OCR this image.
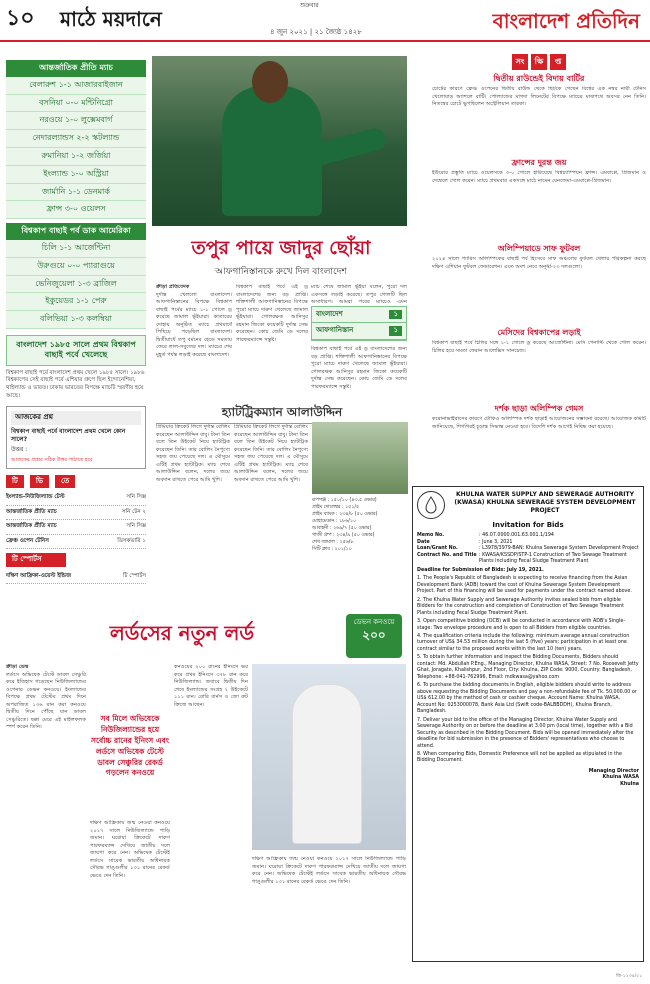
১০ মাঠে ময়দানে
শুক্রবার
৪ জুন ২০২১ | ২১ জ্যৈষ্ঠ ১৪২৮	বাংলাদেশ প্রতিদিন
আন্তর্জাতিক প্রীতি ম্যাচ
বেলারুশ ১-১ আজারবাইজান
বসনিয়া ০-০ মন্টিনিগ্রো
নরওয়ে ১-০ লুক্সেমবার্গ
নেদারল্যান্ডস ২-২ স্কটল্যান্ড
রুমানিয়া ১-২ জর্জিয়া
ইংল্যান্ড ১-০ অস্ট্রিয়া
জার্মানি ১-১ ডেনমার্ক
ফ্রান্স ৩-০ ওয়েলস
বিশ্বকাপ বাছাই পর্ব ডাক আমেরিকা
চিলি ১-১ আর্জেন্টিনা
উরুগুয়ে ০-০ প্যারাগুয়ে
ভেনিজুয়েলা ১-৩ ব্রাজিল
ইকুয়েডর ১-১ পেরু
বলিভিয়া ১-৩ কলম্বিয়া
বাংলাদেশ ১৯৮৫ সালে প্রথম বিশ্বকাপ বাছাই পর্বে খেলেছে
বিশ্বকাপ বাছাই পর্বে বাংলাদেশ প্রথম খেলে ১৯৮৫ সালে। ১৯৮৬ বিশ্বকাপের সেই বাছাই পর্বে এশিয়ার গ্রুপে ছিল ইন্দোনেশিয়া, থাইল্যান্ড ও ভারত। ঢাকায় ভারতের বিপক্ষে ম্যাচটি স্মরণীয় হয়ে আছে।
আজকের প্রশ্ন
বিশ্বকাপ বাছাই পর্বে বাংলাদেশ প্রথম খেলে কোন সালে?
উত্তর :
আজকের প্রশ্নের সঠিক উত্তর পাঠাতে হবে
টি	ভি	তে
ইংল্যান্ড-নিউজিল্যান্ড টেস্ট	সনি সিক্স
আন্তর্জাতিক প্রীতি ম্যাচ	সনি টেন ২
আন্তর্জাতিক প্রীতি ম্যাচ	সনি সিক্স
ফ্রেঞ্চ ওপেন টেনিস	ডিসকভারি ১
টি স্পোর্টস
দক্ষিণ আফ্রিকা-ওয়েস্ট ইন্ডিজ	টি স্পোর্টস
তপুর পায়ে জাদুর ছোঁয়া
আফগানিস্তানকে রুখে দিল বাংলাদেশ
ক্রীড়া প্রতিবেদক
দুর্দান্ত খেললো বাংলাদেশ। আফগানিস্তানের বিপক্ষে বিশ্বকাপ বাছাই পর্বের ম্যাচে ১-১ গোলে ড্র করেছে জামাল ভূঁইয়ারা। কাতারের দোহায় অনুষ্ঠিত ম্যাচে প্রথমার্ধে পিছিয়ে পড়েছিল বাংলাদেশ। দ্বিতীয়ার্ধে তপু বর্মনের হেডে সমতায় ফেরে লাল-সবুজের দল। ম্যাচের শেষ মুহূর্ত পর্যন্ত লড়াই করেছে বাংলাদেশ।
বিশ্বকাপ বাছাই পর্বে এই ড্র বাংলাদেশের জন্য বড় প্রাপ্তি। শক্তিশালী আফগানিস্তানের বিপক্ষে পুরো ম্যাচে দারুণ খেলেছে জামাল ভূঁইয়ারা। গোলরক্ষক আনিসুর রহমান জিকো কয়েকটি দুর্দান্ত সেভ করেছেন। কোচ জেমি ডে দলের পারফরম্যান্সে সন্তুষ্ট।
ম্যাচ শেষে জামাল ভূঁইয়া বলেন, পুরো দল একসঙ্গে লড়াই করেছে। তপুর গোলটি ছিল অসাধারণ। আমরা পরের ম্যাচেও এমন
বাংলাদেশ	১
আফগানিস্তান	১
বিশ্বকাপ বাছাই পর্বে এই ড্র বাংলাদেশের জন্য বড় প্রাপ্তি। শক্তিশালী আফগানিস্তানের বিপক্ষে পুরো ম্যাচে দারুণ খেলেছে জামাল ভূঁইয়ারা। গোলরক্ষক আনিসুর রহমান জিকো কয়েকটি দুর্দান্ত সেভ করেছেন। কোচ জেমি ডে দলের পারফরম্যান্সে সন্তুষ্ট।
হ্যাটট্রিকম্যান আলাউদ্দিন
প্রিমিয়ার ক্রিকেট লিগে দুর্দান্ত বোলিং করেছেন আলাউদ্দিন বাবু। টানা তিন বলে তিন উইকেট নিয়ে হ্যাটট্রিক করেছেন তিনি। তার বোলিং নৈপুণ্যে সহজ জয় পেয়েছে দল। এ মৌসুমে এটিই প্রথম হ্যাটট্রিক। ম্যাচ শেষে আলাউদ্দিন বলেন, দলের জয়ে অবদান রাখতে পেরে আমি খুশি।
প্রিমিয়ার ক্রিকেট লিগে দুর্দান্ত বোলিং করেছেন আলাউদ্দিন বাবু। টানা তিন বলে তিন উইকেট নিয়ে হ্যাটট্রিক করেছেন তিনি। তার বোলিং নৈপুণ্যে সহজ জয় পেয়েছে দল। এ মৌসুমে এটিই প্রথম হ্যাটট্রিক। ম্যাচ শেষে আলাউদ্দিন বলেন, দলের জয়ে অবদান রাখতে পেরে আমি খুশি।
রূপগঞ্জ : ১৫০/১০ (৪৩.৫ ওভার)
প্রাইম দোলেশ্বর : ১৫১/৫
প্রাইম ব্যাংক : ২৩৪/৮ (৫০ ওভার)
মোহামেডান : ১৮৬/১০
আবাহনী : ২৬৯/৭ (৫০ ওভার)
গাজী গ্রুপ : ২৩৪/৯ (৫০ ওভার)
শেখ জামাল : ২৫৬/৮
সিটি ক্লাব : ২০১/১০
সং	ক্ষি	প্ত
দ্বিতীয় রাউন্ডেই বিদায় বার্টির
চোটের কারণে ফ্রেঞ্চ ওপেনের দ্বিতীয় রাউন্ড থেকে ছিটকে গেছেন বিশ্বের এক নম্বর নারী টেনিস খেলোয়াড় অ্যাশলে বার্টি। পোল্যান্ডের মাগদা লিনেটের বিপক্ষে ম্যাচের মাঝপথে অবসর নেন তিনি। নিতম্বের চোটে ভুগছিলেন অস্ট্রেলিয়ান তারকা।
ফ্রান্সের দুরন্ত জয়
ইউরোর প্রস্তুতি ম্যাচে ওয়েলসকে ৩-০ গোলে হারিয়েছে বিশ্বচ্যাম্পিয়ন ফ্রান্স। এমবাপ্পে, গ্রিজমান ও দেম্বেলে গোল করেন। ম্যাচে প্রথমবার একসঙ্গে মাঠে নামেন বেনজেমা-এমবাপ্পে-গ্রিজমান।
অলিম্পিয়াডে সাফ ফুটবল
২০২৪ সালে প্যারিস অলিম্পিকের বাছাই পর্ব হিসেবে সাফ অঞ্চলের ফুটবল খেলার পরিকল্পনা করছে দক্ষিণ এশিয়ান ফুটবল ফেডারেশন। এতে অংশ নেবে অনূর্ধ্ব-২৩ দলগুলো।
মেসিদের বিশ্বকাপের লড়াই
বিশ্বকাপ বাছাই পর্বে চিলির সঙ্গে ১-১ গোলে ড্র করেছে আর্জেন্টিনা। মেসি পেনাল্টি থেকে গোল করেন। চিলির হয়ে সমতা ফেরান আলেক্সিস সানচেজ।
দর্শক ছাড়া অলিম্পিক গেমস
করোনাভাইরাসের কারণে টোকিও অলিম্পিক দর্শক ছাড়াই আয়োজনের সম্ভাবনা রয়েছে। আয়োজক কমিটি জানিয়েছে, শিগগিরই চূড়ান্ত সিদ্ধান্ত নেওয়া হবে। বিদেশি দর্শক আগেই নিষিদ্ধ করা হয়েছে।
KHULNA WATER SUPPLY AND SEWERAGE AUTHORITY (KWASA) KHULNA SEWERAGE SYSTEM DEVELOPMENT PROJECT
Invitation for Bids
Memo No.	: 46.07.0000.001.63.001.1/194
Date	: June 3, 2021
Loan/Grant No.	: L3978/3979-BAN: Khulna Sewerage System Development Project
Contract No. and Title : KWASA/KSSDP/STP-1 Construction of Two Sewage Treatment Plants including Fecal Sludge Treatment Plant
Deadline for Submission of Bids: July 19, 2021.
1. The People's Republic of Bangladesh is expecting to receive financing from the Asian Development Bank (ADB) toward the cost of Khulna Sewerage System Development Project. Part of this financing will be used for payments under the contract named above.
2. The Khulna Water Supply and Sewerage Authority invites sealed bids from eligible Bidders for the construction and completion of Construction of Two Sewage Treatment Plants including Fecal Sludge Treatment Plant.
3. Open competitive bidding (OCB) will be conducted in accordance with ADB's Single-stage: Two envelope procedure and is open to all Bidders from eligible countries.
4. The qualification criteria include the following: minimum average annual construction turnover of US$ 34.53 million during the last 5 (five) years; participation in at least one contract similar to the proposed works within the last 10 (ten) years.
5. To obtain further information and inspect the Bidding Documents, Bidders should contact: Md. Abdullah P.Eng., Managing Director, Khulna WASA, Street: 7 No. Roosevelt Jetty Ghat, Joragate, Khalishpur, 2nd Floor, City: Khulna, ZIP Code: 9000, Country: Bangladesh, Telephone: +88-041-762996, Email: mdkwasa@yahoo.com
6. To purchase the bidding documents in English, eligible bidders should write to address above requesting the Bidding Documents and pay a non-refundable fee of Tk. 50,000.00 or US$ 612.00 by the method of cash or cashier cheque. Account Name: Khulna WASA, Account No: 0253000078, Bank Asia Ltd (Swift code-BALBBDDH), Khulna Branch, Bangladesh.
7. Deliver your bid to the office of the Managing Director, Khulna Water Supply and Sewerage Authority on or before the deadline at 3.00 pm (local time), together with a Bid Security as described in the Bidding Document. Bids will be opened immediately after the deadline for bid submission in the presence of Bidders' representatives who choose to attend.
8. When comparing Bids, Domestic Preference will not be applied as stipulated in the Bidding Document.
Managing Director
Khulna WASA
Khulna
জি-১২৩৪/২১
লর্ডসের নতুন লর্ড	ডেভন কনওয়ে
২০০
ক্রীড়া ডেস্ক
লর্ডসে অভিষেক টেস্টে ডাবল সেঞ্চুরি করে ইতিহাস গড়েছেন নিউজিল্যান্ডের ওপেনার ডেভন কনওয়ে। ইংল্যান্ডের বিপক্ষে প্রথম টেস্টের প্রথম দিনে অপরাজিত ১৩৬ রান করা কনওয়ে দ্বিতীয় দিনে পৌঁছে যান ডাবল সেঞ্চুরিতে। ছক্কা মেরে এই মাইলফলক স্পর্শ করেন তিনি।
সব মিলে অভিষেকে নিউজিল্যান্ডের হয়ে সর্বোচ্চ রানের ইনিংস এবং লর্ডসে অভিষেক টেস্টে ডাবল সেঞ্চুরির রেকর্ড গড়লেন কনওয়ে
দক্ষিণ আফ্রিকায় জন্ম নেওয়া কনওয়ে ২০১৭ সালে নিউজিল্যান্ডে পাড়ি জমান। ঘরোয়া ক্রিকেটে দারুণ পারফরম্যান্স দেখিয়ে জাতীয় দলে জায়গা করে নেন। অভিষেক টেস্টেই লর্ডসে সাবেক ভারতীয় অধিনায়ক সৌরভ গাঙ্গুলীর ১৩১ রানের রেকর্ড ভেঙে দেন তিনি।
কনওয়ের ২০০ রানের ইনিংসে ভর করে প্রথম ইনিংসে ৩৭৮ রান করে নিউজিল্যান্ড। জবাবে দ্বিতীয় দিন শেষে ইংল্যান্ডের সংগ্রহ ২ উইকেটে ১১১ রান। রোরি বার্নস ও জো রুট ক্রিজে আছেন।
দক্ষিণ আফ্রিকায় জন্ম নেওয়া কনওয়ে ২০১৭ সালে নিউজিল্যান্ডে পাড়ি জমান। ঘরোয়া ক্রিকেটে দারুণ পারফরম্যান্স দেখিয়ে জাতীয় দলে জায়গা করে নেন। অভিষেক টেস্টেই লর্ডসে সাবেক ভারতীয় অধিনায়ক সৌরভ গাঙ্গুলীর ১৩১ রানের রেকর্ড ভেঙে দেন তিনি।
